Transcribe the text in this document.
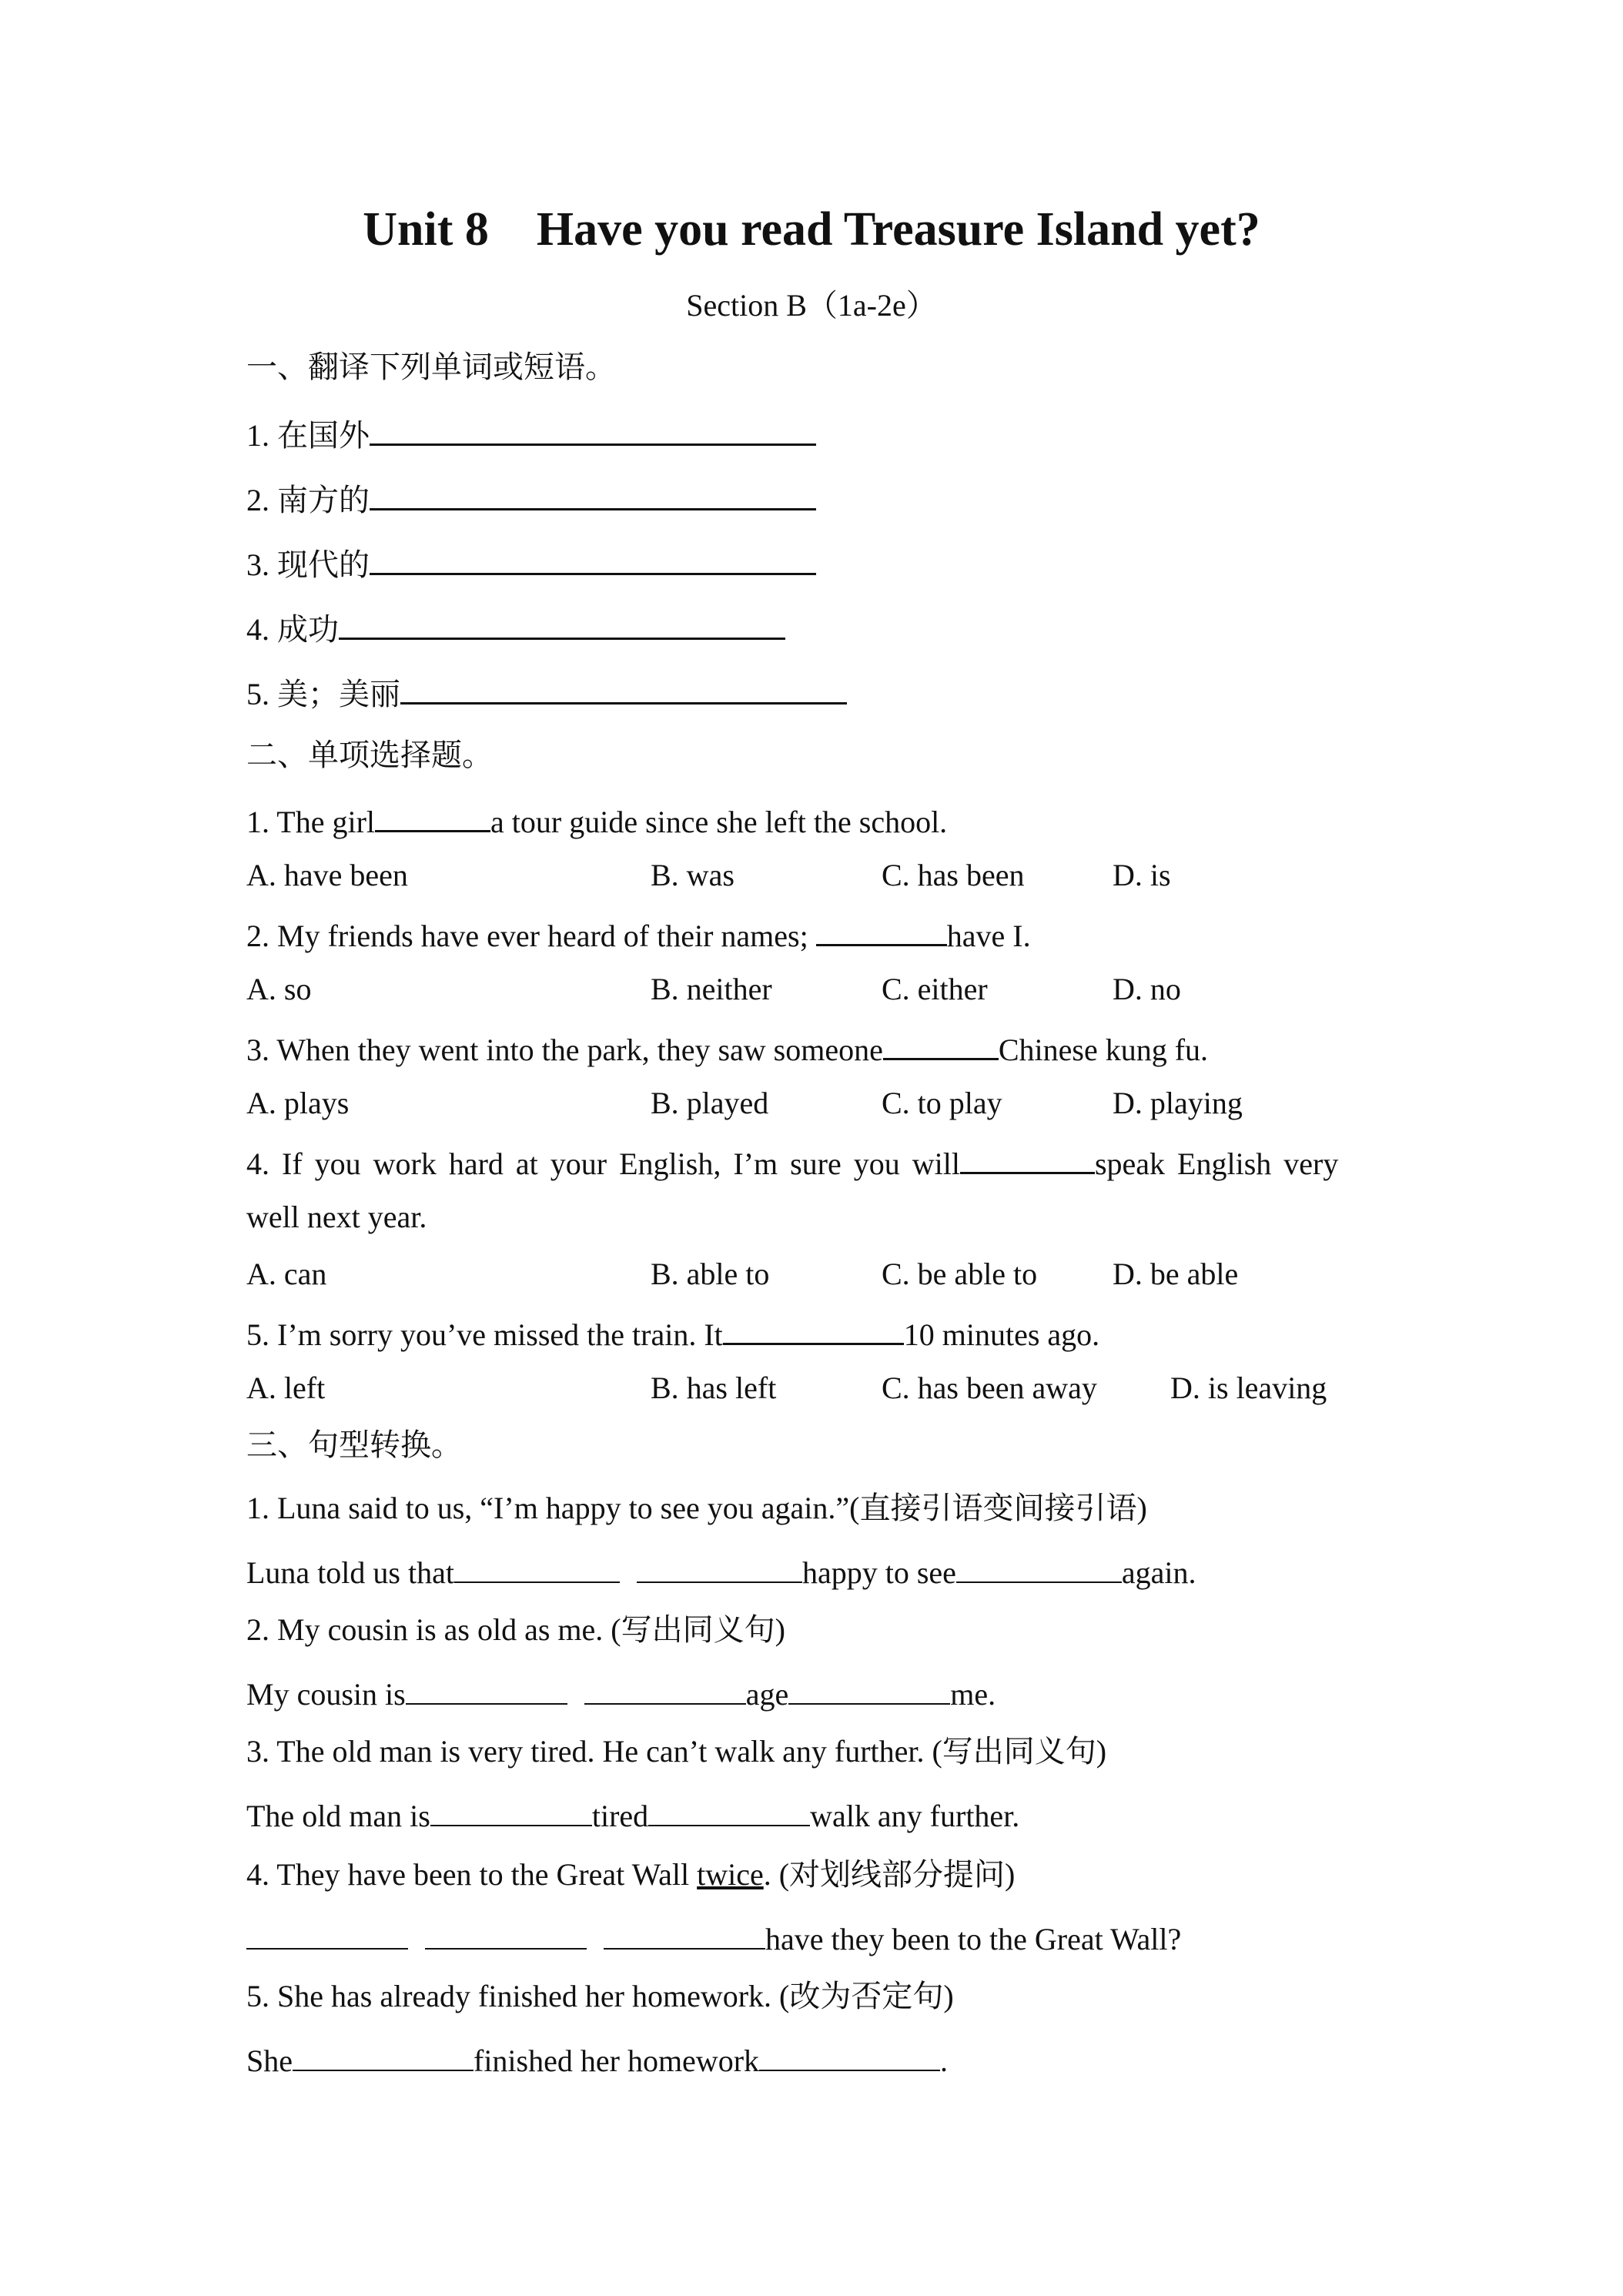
Unit 8    Have you read Treasure Island yet?
Section B（1a-2e）
一、翻译下列单词或短语。
1. 在国外
2. 南方的
3. 现代的
4. 成功
5. 美；美丽
二、单项选择题。
1. The girl	a tour guide since she left the school.
A. have been	B. was	C. has been	D. is
2. My friends have ever heard of their names;	have I.
A. so	B. neither	C. either	D. no
3. When they went into the park, they saw someone	Chinese kung fu.
A. plays	B. played	C. to play	D. playing
4. If you work hard at your English, I’m sure you will	speak English very
well next year.
A. can	B. able to	C. be able to D. be able
5. I’m sorry you’ve missed the train. It	10 minutes ago.
A. left	B. has left	C. has been away D. is leaving
三、句型转换。
1. Luna said to us, “I’m happy to see you again.”(直接引语变间接引语)
Luna told us that	happy to see	again.
2. My cousin is as old as me. (写出同义句)
My cousin is	age	me.
3. The old man is very tired. He can’t walk any further. (写出同义句)
The old man is	tired	walk any further.
4. They have been to the Great Wall twice. (对划线部分提问)
have they been to the Great Wall?
5. She has already finished her homework. (改为否定句)
She	finished her homework	.
